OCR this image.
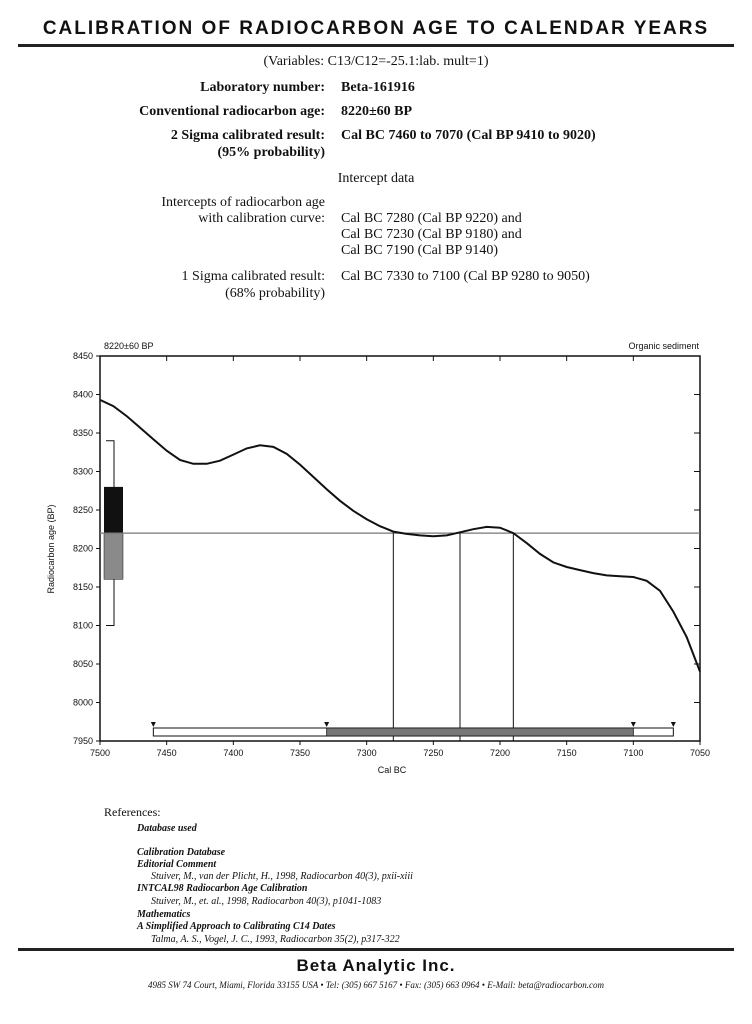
CALIBRATION OF RADIOCARBON AGE TO CALENDAR YEARS
(Variables: C13/C12=-25.1:lab. mult=1)
Laboratory number: Beta-161916
Conventional radiocarbon age: 8220±60 BP
2 Sigma calibrated result:
(95% probability)
Cal BC 7460 to 7070 (Cal BP 9410 to 9020)
Intercept data
Intercepts of radiocarbon age
with calibration curve: Cal BC 7280 (Cal BP 9220) and
Cal BC 7230 (Cal BP 9180) and
Cal BC 7190 (Cal BP 9140)
1 Sigma calibrated result:
(68% probability)
Cal BC 7330 to 7100 (Cal BP 9280 to 9050)
8220±60 BP	Organic sediment
Cal BC
Radiocarbon age (BP)
7950
8000
8050
8100
8150
8200
8250
8300
8350
8400
8450
7500	7450	7400	7350	7300	7250	7200	7150	7100	7050
References:
Database used
Calibration Database
Editorial Comment
Stuiver, M., van der Plicht, H., 1998, Radiocarbon 40(3), pxii-xiii
INTCAL98 Radiocarbon Age Calibration
Stuiver, M., et. al., 1998, Radiocarbon 40(3), p1041-1083
Mathematics
A Simplified Approach to Calibrating C14 Dates
Talma, A. S., Vogel, J. C., 1993, Radiocarbon 35(2), p317-322
Beta Analytic Inc.
4985 SW 74 Court, Miami, Florida 33155 USA • Tel: (305) 667 5167 • Fax: (305) 663 0964 • E-Mail: beta@radiocarbon.com
